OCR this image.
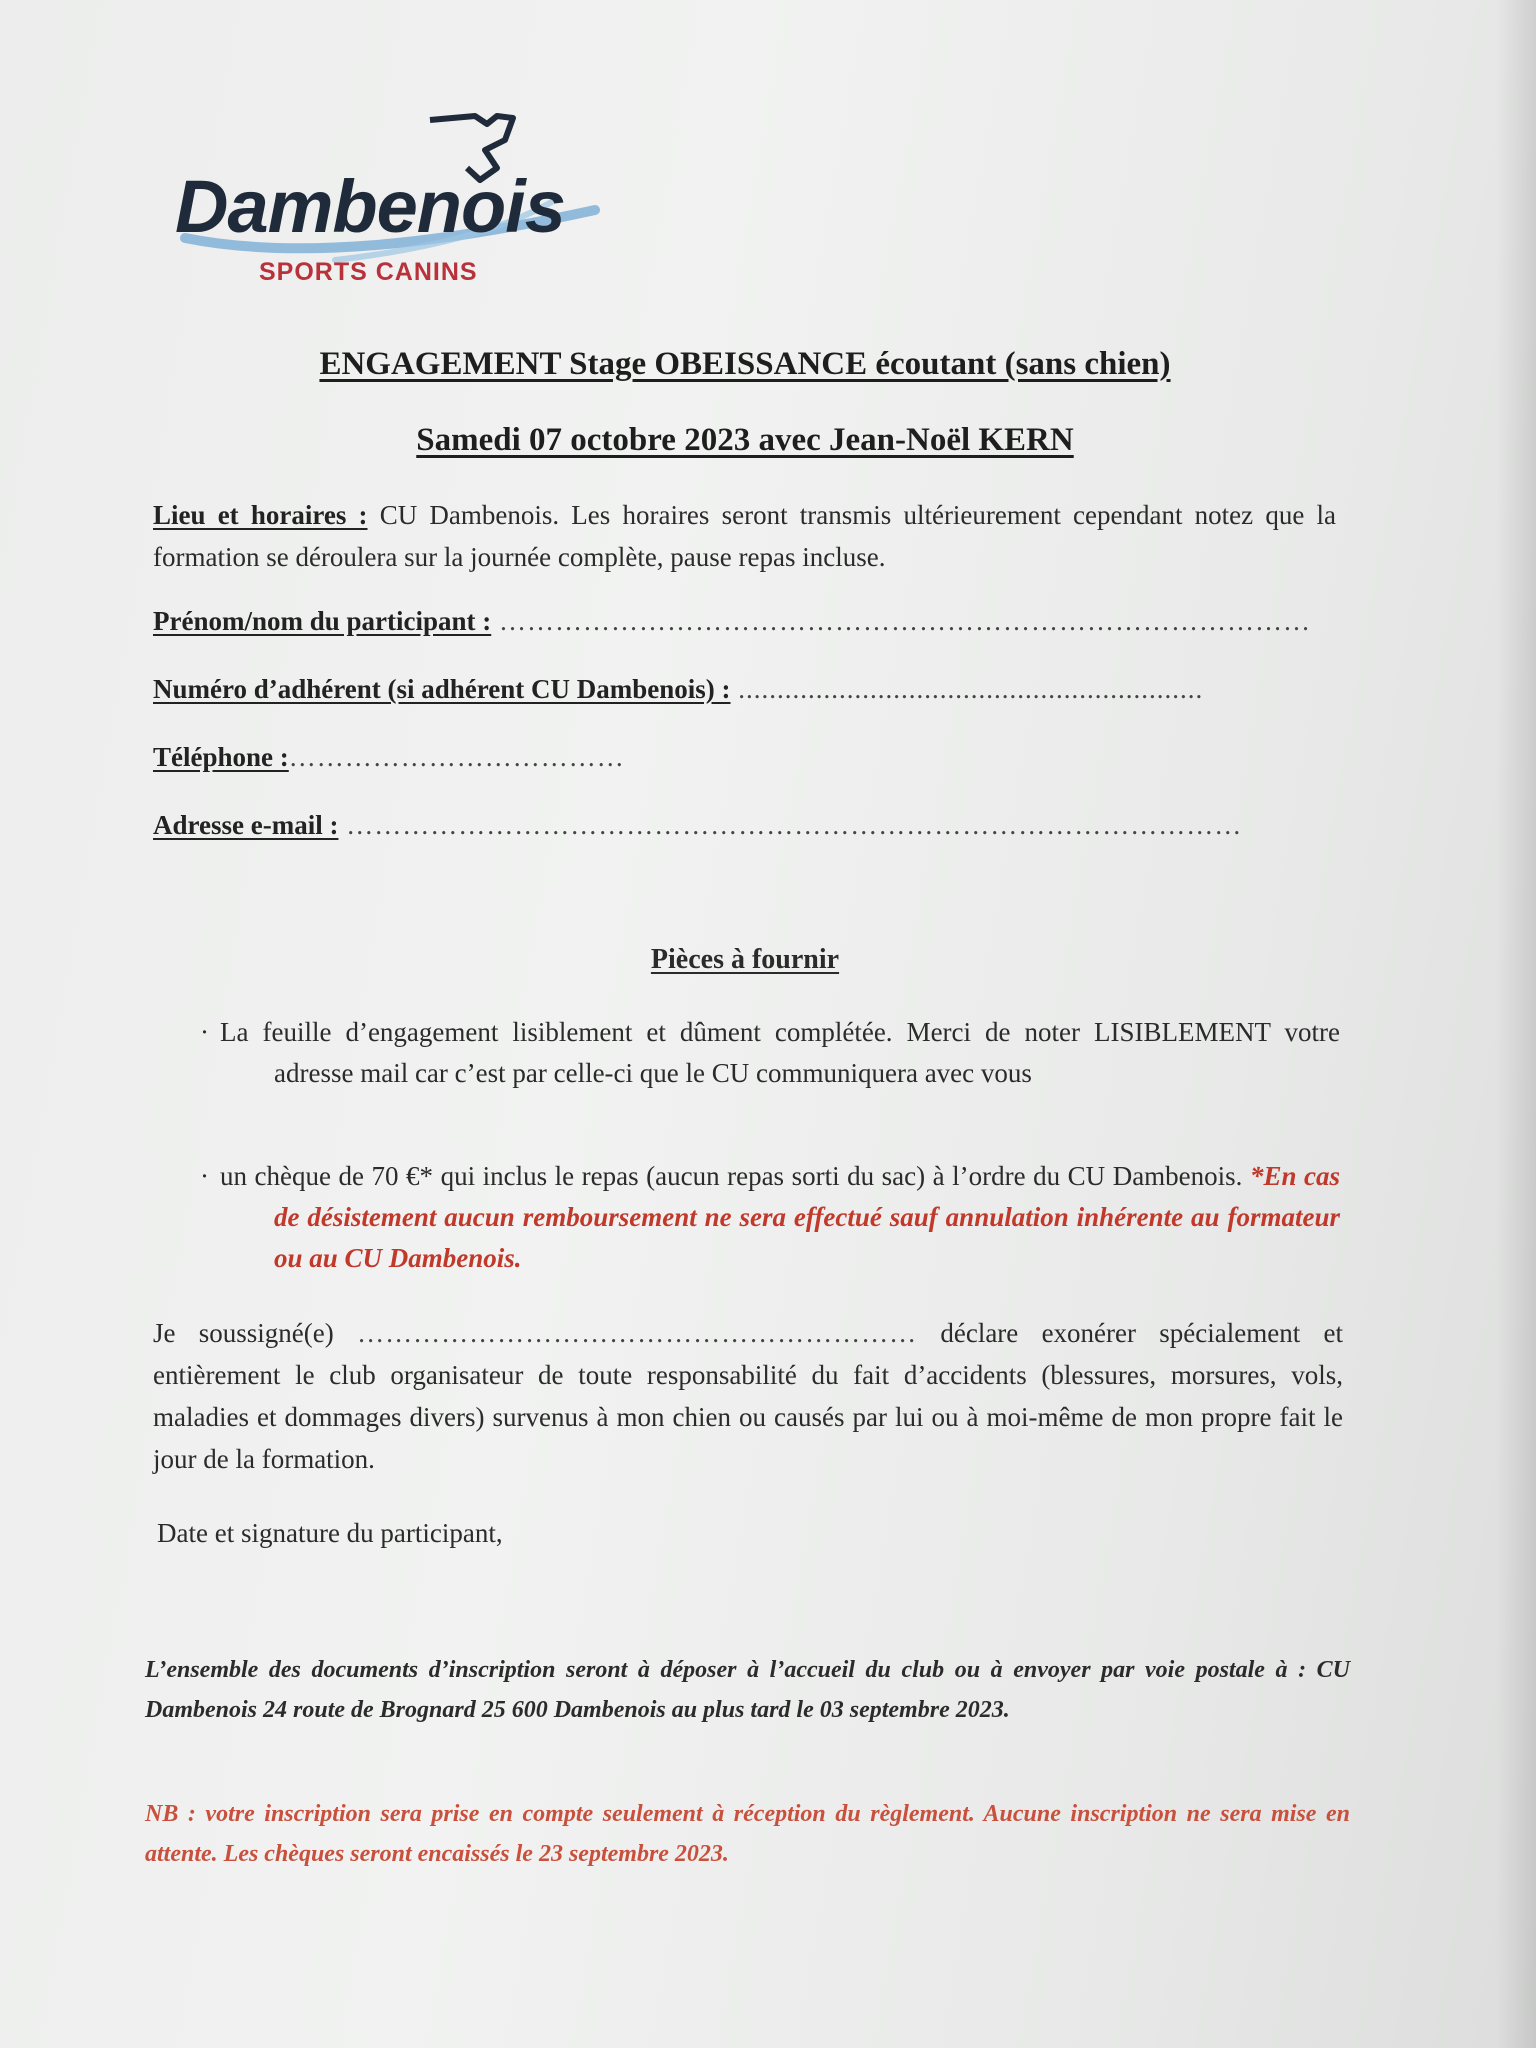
Dambenois
SPORTS CANINS
ENGAGEMENT Stage OBEISSANCE écoutant (sans chien)
Samedi 07 octobre 2023 avec Jean-Noël KERN
Lieu et horaires : CU Dambenois. Les horaires seront transmis ultérieurement cependant notez que la formation se déroulera sur la journée complète, pause repas incluse.
Prénom/nom du participant : ……………………………………………………………………………
Numéro d’adhérent (si adhérent CU Dambenois) : ............................................................
Téléphone :………………………………
Adresse e-mail : ……………………………………………………………………………………
Pièces à fournir
· La feuille d’engagement lisiblement et dûment complétée. Merci de noter LISIBLEMENT votre adresse mail car c’est par celle-ci que le CU communiquera avec vous
· un chèque de 70 €* qui inclus le repas (aucun repas sorti du sac) à l’ordre du CU Dambenois. *En cas de désistement aucun remboursement ne sera effectué sauf annulation inhérente au formateur ou au CU Dambenois.
Je soussigné(e) …………………………………………………… déclare exonérer spécialement et entièrement le club organisateur de toute responsabilité du fait d’accidents (blessures, morsures, vols, maladies et dommages divers) survenus à mon chien ou causés par lui ou à moi-même de mon propre fait le jour de la formation.
Date et signature du participant,
L’ensemble des documents d’inscription seront à déposer à l’accueil du club ou à envoyer par voie postale à : CU Dambenois 24 route de Brognard 25 600 Dambenois au plus tard le 03 septembre 2023.
NB : votre inscription sera prise en compte seulement à réception du règlement. Aucune inscription ne sera mise en attente. Les chèques seront encaissés le 23 septembre 2023.
